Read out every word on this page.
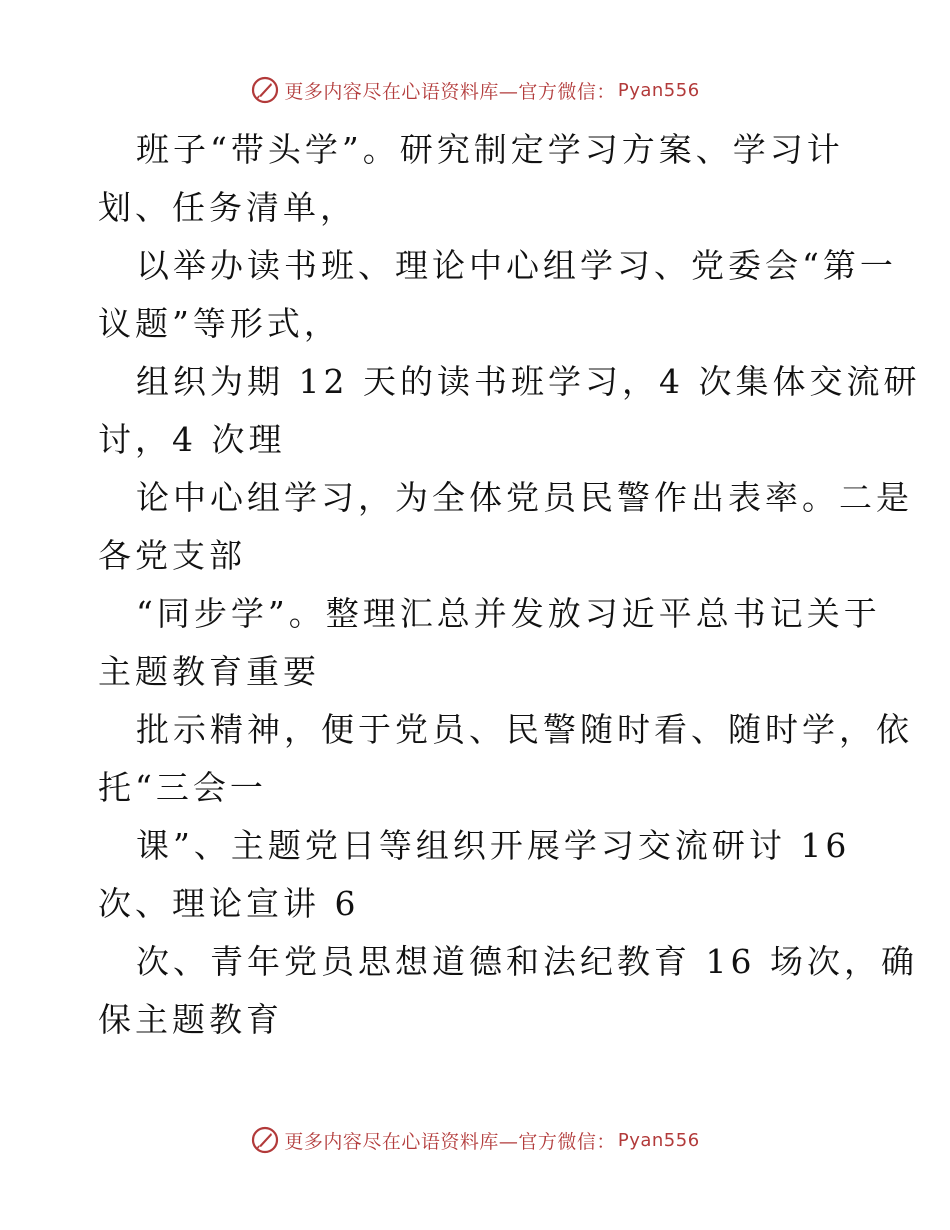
更多内容尽在心语资料库—官方微信： Pyan556

班子“带头学”。研究制定学习方案、学习计
划、任务清单，

以举办读书班、理论中心组学习、党委会“第一
议题”等形式，

组织为期 12 天的读书班学习，4 次集体交流研
讨，4 次理

论中心组学习，为全体党员民警作出表率。二是
各党支部

“同步学”。整理汇总并发放习近平总书记关于
主题教育重要

批示精神，便于党员、民警随时看、随时学，依
托“三会一

课”、主题党日等组织开展学习交流研讨 16
次、理论宣讲 6

次、青年党员思想道德和法纪教育 16 场次，确
保主题教育

更多内容尽在心语资料库—官方微信： Pyan556
